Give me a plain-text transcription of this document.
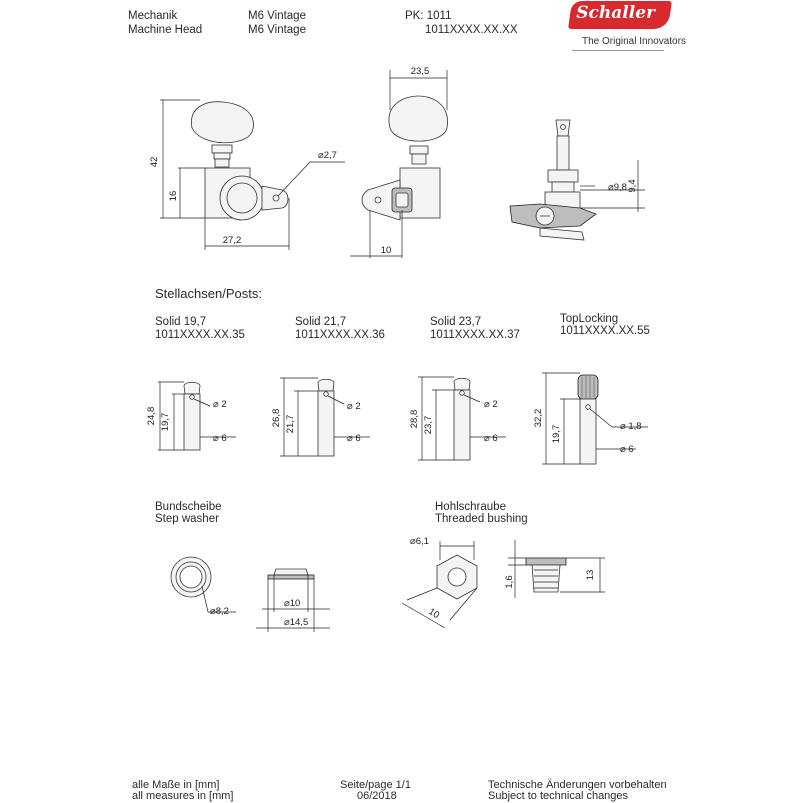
Mechanik
Machine Head
M6 Vintage
M6 Vintage
PK: 1011
1011XXXX.XX.XX
Schaller
The Original Innovators
27,2
42
16
⌀2,7
23,5
10
⌀9,8 9,4
24,8 19,7
⌀ 2
⌀ 6
26,8 21,7
⌀ 2
⌀ 6
28,8 23,7
⌀ 2
⌀ 6
32,2
19,7	⌀ 1,8
⌀ 6
⌀8,2
⌀10
⌀14,5
⌀6,1
10
1,6
13
Stellachsen/Posts:
Solid 19,7
1011XXXX.XX.35
Solid 21,7
1011XXXX.XX.36
Solid 23,7
1011XXXX.XX.37
TopLocking
1011XXXX.XX.55
Bundscheibe
Step washer
Hohlschraube
Threaded bushing
alle Maße in [mm]
all measures in [mm]
Seite/page 1/1
06/2018
Technische Änderungen vorbehalten
Subject to technical changes
